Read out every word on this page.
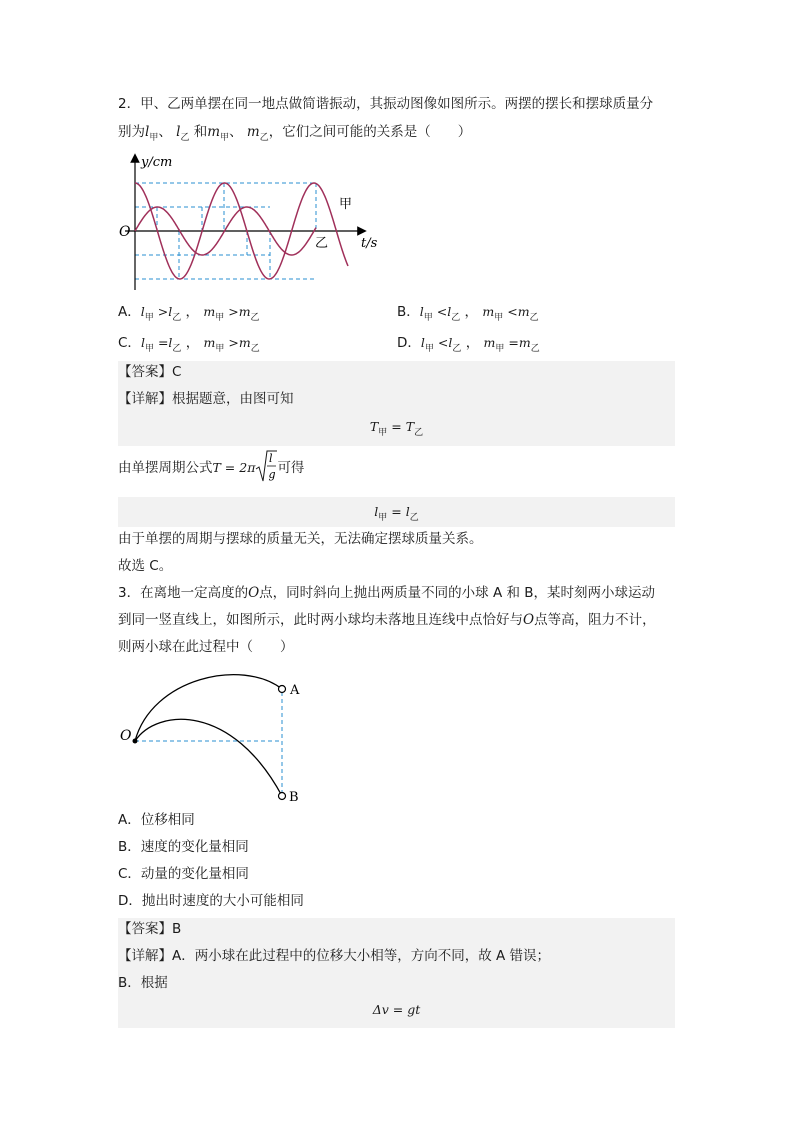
2．甲、乙两单摆在同一地点做简谐振动，其振动图像如图所示。两摆的摆长和摆球质量分
别为$l_甲$、 $l_乙$ 和$m_甲$、 $m_乙$，它们之间可能的关系是（　　）
y/cm
t/s
O
甲
乙
A．$l_甲 >l_乙$ ， $m_甲 >m_乙$	B．$l_甲 <l_乙$ ， $m_甲 <m_乙$
C．$l_甲 =l_乙$ ， $m_甲 >m_乙$	D．$l_甲 <l_乙$ ， $m_甲 =m_乙$
【答案】C
【详解】根据题意，由图可知
$T_甲 = T_乙$
由单摆周期公式T = 2π
l
g 可得
$l_甲 = l_乙$
由于单摆的周期与摆球的质量无关，无法确定摆球质量关系。
故选 C。
3．在离地一定高度的O点，同时斜向上抛出两质量不同的小球 A 和 B，某时刻两小球运动
到同一竖直线上，如图所示，此时两小球均未落地且连线中点恰好与O点等高，阻力不计，
则两小球在此过程中（　　）
O
A
B
A．位移相同
B．速度的变化量相同
C．动量的变化量相同
D．抛出时速度的大小可能相同
【答案】B
【详解】A．两小球在此过程中的位移大小相等，方向不同，故 A 错误；
B．根据
Δv = gt
